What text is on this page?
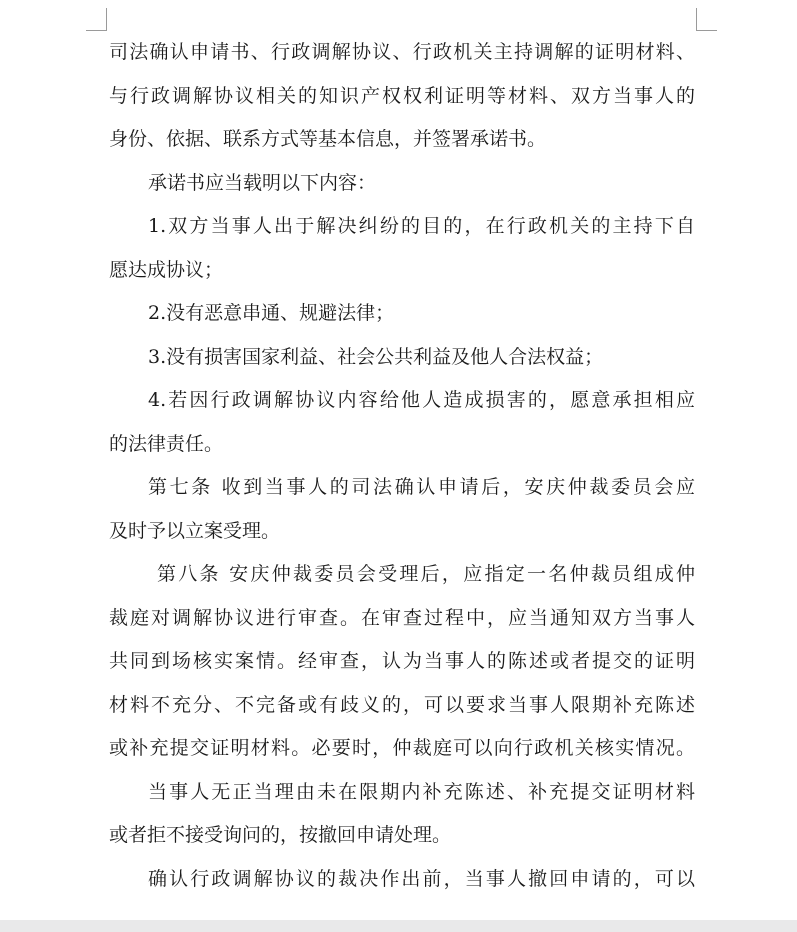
司法确认申请书、行政调解协议、行政机关主持调解的证明材料、
与行政调解协议相关的知识产权权利证明等材料、双方当事人的
身份、依据、联系方式等基本信息，并签署承诺书。
承诺书应当载明以下内容：
1.双方当事人出于解决纠纷的目的，在行政机关的主持下自
愿达成协议；
2.没有恶意串通、规避法律；
3.没有损害国家利益、社会公共利益及他人合法权益；
4.若因行政调解协议内容给他人造成损害的，愿意承担相应
的法律责任。
第七条 收到当事人的司法确认申请后，安庆仲裁委员会应
及时予以立案受理。
第八条 安庆仲裁委员会受理后，应指定一名仲裁员组成仲
裁庭对调解协议进行审查。在审查过程中，应当通知双方当事人
共同到场核实案情。经审查，认为当事人的陈述或者提交的证明
材料不充分、不完备或有歧义的，可以要求当事人限期补充陈述
或补充提交证明材料。必要时，仲裁庭可以向行政机关核实情况。
当事人无正当理由未在限期内补充陈述、补充提交证明材料
或者拒不接受询问的，按撤回申请处理。
确认行政调解协议的裁决作出前，当事人撤回申请的，可以
